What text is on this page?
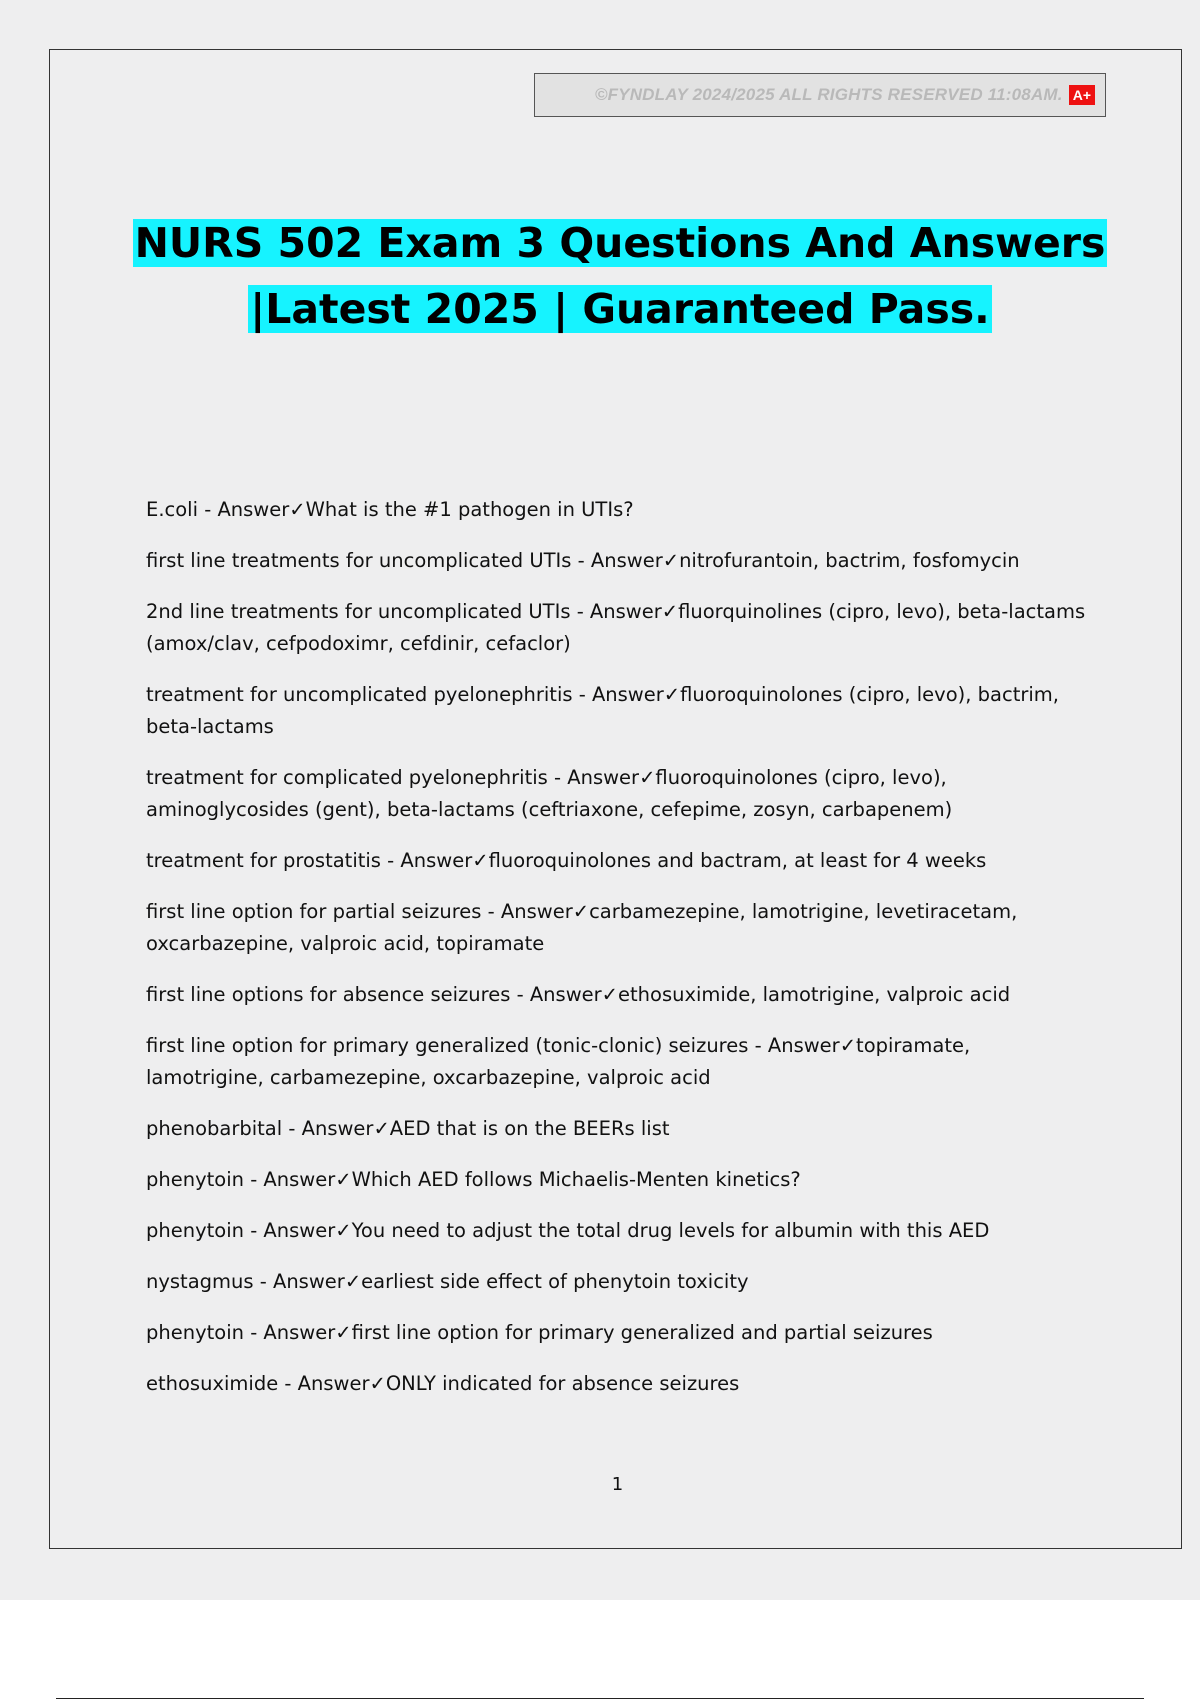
©FYNDLAY 2024/2025 ALL RIGHTS RESERVED 11:08AM. A+
NURS 502 Exam 3 Questions And Answers
|Latest 2025 | Guaranteed Pass.
E.coli - Answer✓What is the #1 pathogen in UTIs?
first line treatments for uncomplicated UTIs - Answer✓nitrofurantoin, bactrim, fosfomycin
2nd line treatments for uncomplicated UTIs - Answer✓fluorquinolines (cipro, levo), beta-lactams (amox/clav, cefpodoximr, cefdinir, cefaclor)
treatment for uncomplicated pyelonephritis - Answer✓fluoroquinolones (cipro, levo), bactrim, beta-lactams
treatment for complicated pyelonephritis - Answer✓fluoroquinolones (cipro, levo), aminoglycosides (gent), beta-lactams (ceftriaxone, cefepime, zosyn, carbapenem)
treatment for prostatitis - Answer✓fluoroquinolones and bactram, at least for 4 weeks
first line option for partial seizures - Answer✓carbamezepine, lamotrigine, levetiracetam, oxcarbazepine, valproic acid, topiramate
first line options for absence seizures - Answer✓ethosuximide, lamotrigine, valproic acid
first line option for primary generalized (tonic-clonic) seizures - Answer✓topiramate, lamotrigine, carbamezepine, oxcarbazepine, valproic acid
phenobarbital - Answer✓AED that is on the BEERs list
phenytoin - Answer✓Which AED follows Michaelis-Menten kinetics?
phenytoin - Answer✓You need to adjust the total drug levels for albumin with this AED
nystagmus - Answer✓earliest side effect of phenytoin toxicity
phenytoin - Answer✓first line option for primary generalized and partial seizures
ethosuximide - Answer✓ONLY indicated for absence seizures
1
